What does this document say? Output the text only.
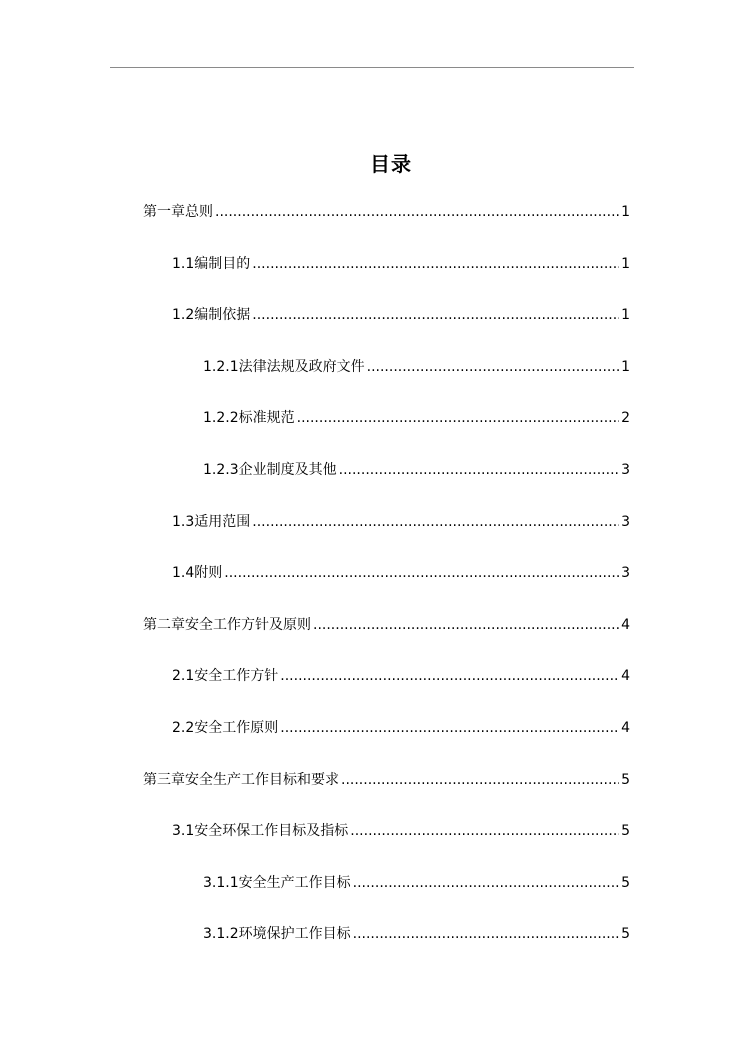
目录
第一章 总则 .....	1
1.1 编制目的 .....	1
1.2 编制依据 .....	1
1.2.1 法律法规及政府文件 .....	1
1.2.2 标准规范 .....	2
1.2.3 企业制度及其他 .....	3
1.3 适用范围 .....	3
1.4 附则 .....	3
第二章 安全工作方针及原则 .....	4
2.1 安全工作方针 .....	4
2.2 安全工作原则 .....	4
第三章 安全生产工作目标和要求 .....	5
3.1 安全环保工作目标及指标 .....	5
3.1.1 安全生产工作目标 .....	5
3.1.2 环境保护工作目标 .....	5
